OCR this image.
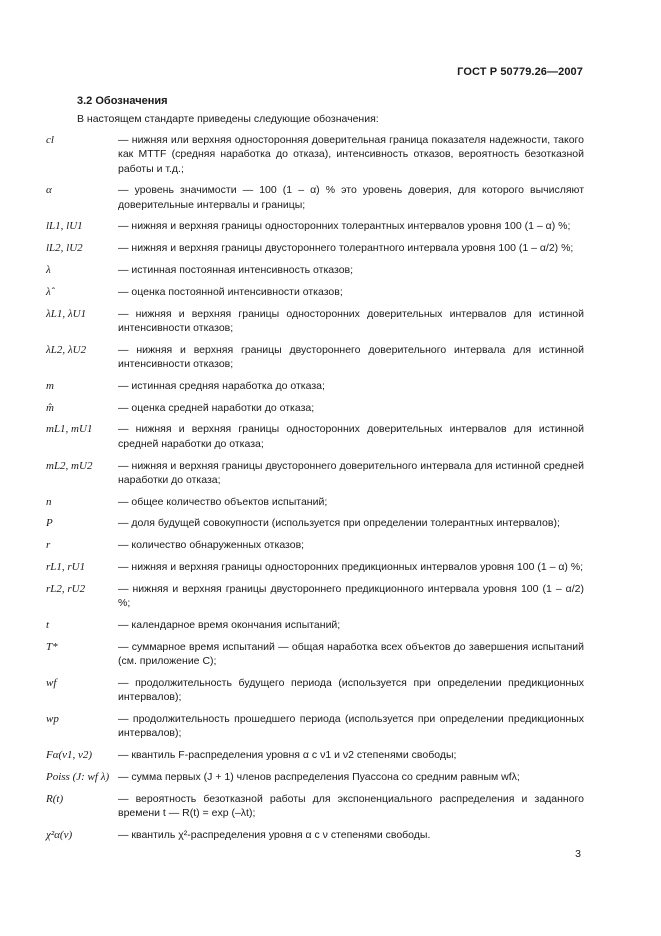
ГОСТ Р 50779.26—2007
3.2 Обозначения
В настоящем стандарте приведены следующие обозначения:
cl	— нижняя или верхняя односторонняя доверительная граница показателя надежности, такого как MTTF (средняя наработка до отказа), интенсивность отказов, вероятность безотказной работы и т.д.;
α	— уровень значимости — 100 (1 – α) % это уровень доверия, для которого вычисляют доверительные интервалы и границы;
lL1, lU1	— нижняя и верхняя границы односторонних толерантных интервалов уровня 100 (1 – α) %;
lL2, lU2	— нижняя и верхняя границы двустороннего толерантного интервала уровня 100 (1 – α/2) %;
λ	— истинная постоянная интенсивность отказов;
λ̂	— оценка постоянной интенсивности отказов;
λL1, λU1	— нижняя и верхняя границы односторонних доверительных интервалов для истинной интенсивности отказов;
λL2, λU2	— нижняя и верхняя границы двустороннего доверительного интервала для истинной интенсивности отказов;
m	— истинная средняя наработка до отказа;
m̂	— оценка средней наработки до отказа;
mL1, mU1	— нижняя и верхняя границы односторонних доверительных интервалов для истинной средней наработки до отказа;
mL2, mU2	— нижняя и верхняя границы двустороннего доверительного интервала для истинной средней наработки до отказа;
n	— общее количество объектов испытаний;
P	— доля будущей совокупности (используется при определении толерантных интервалов);
r	— количество обнаруженных отказов;
rL1, rU1	— нижняя и верхняя границы односторонних предикционных интервалов уровня 100 (1 – α) %;
rL2, rU2	— нижняя и верхняя границы двустороннего предикционного интервала уровня 100 (1 – α/2) %;
t	— календарное время окончания испытаний;
T*	— суммарное время испытаний — общая наработка всех объектов до завершения испытаний (см. приложение С);
wf	— продолжительность будущего периода (используется при определении предикционных интервалов);
wp	— продолжительность прошедшего периода (используется при определении предикционных интервалов);
Fα(ν1, ν2)	— квантиль F-распределения уровня α с ν1 и ν2 степенями свободы;
Poiss (J: wf λ) — сумма первых (J + 1) членов распределения Пуассона со средним равным wfλ;
R(t)	— вероятность безотказной работы для экспоненциального распределения и заданного времени t — R(t) = exp (–λt);
χ²α(ν)	— квантиль χ²-распределения уровня α с ν степенями свободы.
3
